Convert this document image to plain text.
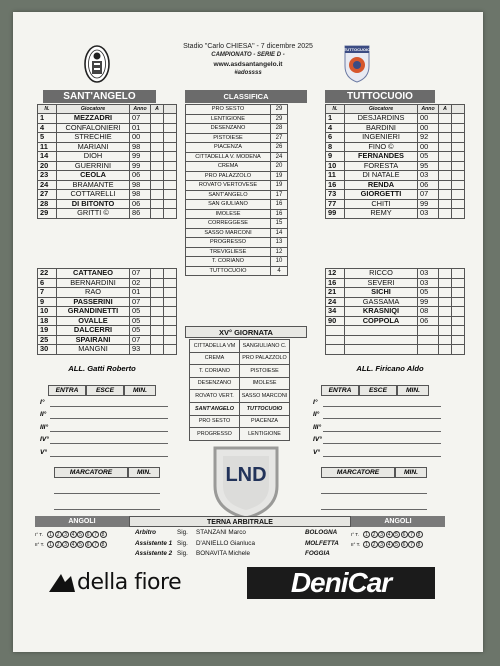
Stadio "Carlo CHIESA" - 7 dicembre 2025
CAMPIONATO - SERIE D -
www.asdsantangelo.it
#adossss
TUTTOCUOIO
SANT'ANGELO	CLASSIFICA	TUTTOCUOIO
N.	Giocatore	Anno	A	
1	MEZZADRI	07		
4	CONFALONIERI	01		
5	STRECHIE	00		
11	MARIANI	98		
14	DIOH	99		
20	GUERRINI	99		
23	CEOLA	06		
24	BRAMANTE	98		
27	COTTARELLI	98		
28	DI BITONTO	06		
29	GRITTI ©	86		
N.	Giocatore	Anno	A	
1	DESJARDINS	00		
4	BARDINI	00		
6	INGENIERI	92		
8	FINO ©	00		
9	FERNANDES	05		
10	FORESTA	95		
11	DI NATALE	03		
16	RENDA	06		
73	GIORGETTI	07		
77	CHITI	99		
99	REMY	03		
PRO SESTO	29
LENTIGIONE	29
DESENZANO	28
PISTOIESE	27
PIACENZA	26
CITTADELLA V. MODENA	24
CREMA	20
PRO PALAZZOLO	19
ROVATO VERTOVESE	19
SANT'ANGELO	17
SAN GIULIANO	16
IMOLESE	16
CORREGGESE	15
SASSO MARCONI	14
PROGRESSO	13
TREVIGLIESE	12
T. CORIANO	10
TUTTOCUOIO	4
22	CATTANEO	07		
6	BERNARDINI	02		
7	RAO	01		
9	PASSERINI	07		
10	GRANDINETTI	05		
18	OVALLE	05		
19	DALCERRI	05		
25	SPAIRANI	07		
30	MANGNI	93		
ALL. Gatti Roberto
12	RICCO	03		
16	SEVERI	03		
21	SICHI	05		
24	GASSAMA	99		
34	KRASNIQI	08		
90	COPPOLA	06		

ALL. Firicano Aldo
XV° GIORNATA
CITTADELLA VM	SANGIULIANO C.
CREMA	PRO PALAZZOLO
T. CORIANO	PISTOIESE
DESENZANO	IMOLESE
ROVATO VERT.	SASSO MARCONI
SANT'ANGELO	TUTTOCUOIO
PRO SESTO	PIACENZA
PROGRESSO	LENTIGIONE
ENTRA	ESCE	MIN.	ENTRA	ESCE	MIN.
I°	I°
II°	II°
III°	III°
IV°	IV°
V°	V°
LND
MARCATORE	MIN.	MARCATORE	MIN.
ANGOLI	TERNA ARBITRALE	ANGOLI
I° T. 1 2 3 4 5 6 7 8
II° T. 1 2 3 4 5 6 7 8
I° T. 1 2 3 4 5 6 7 8
II° T. 1 2 3 4 5 6 7 8
Arbitro	Sig. STANZANI Marco	BOLOGNA
Assistente 1 Sig. D'ANIELLO Gianluca	MOLFETTA
Assistente 2 Sig. BONAVITA Michele	FOGGIA
della fiore	DeniCar
